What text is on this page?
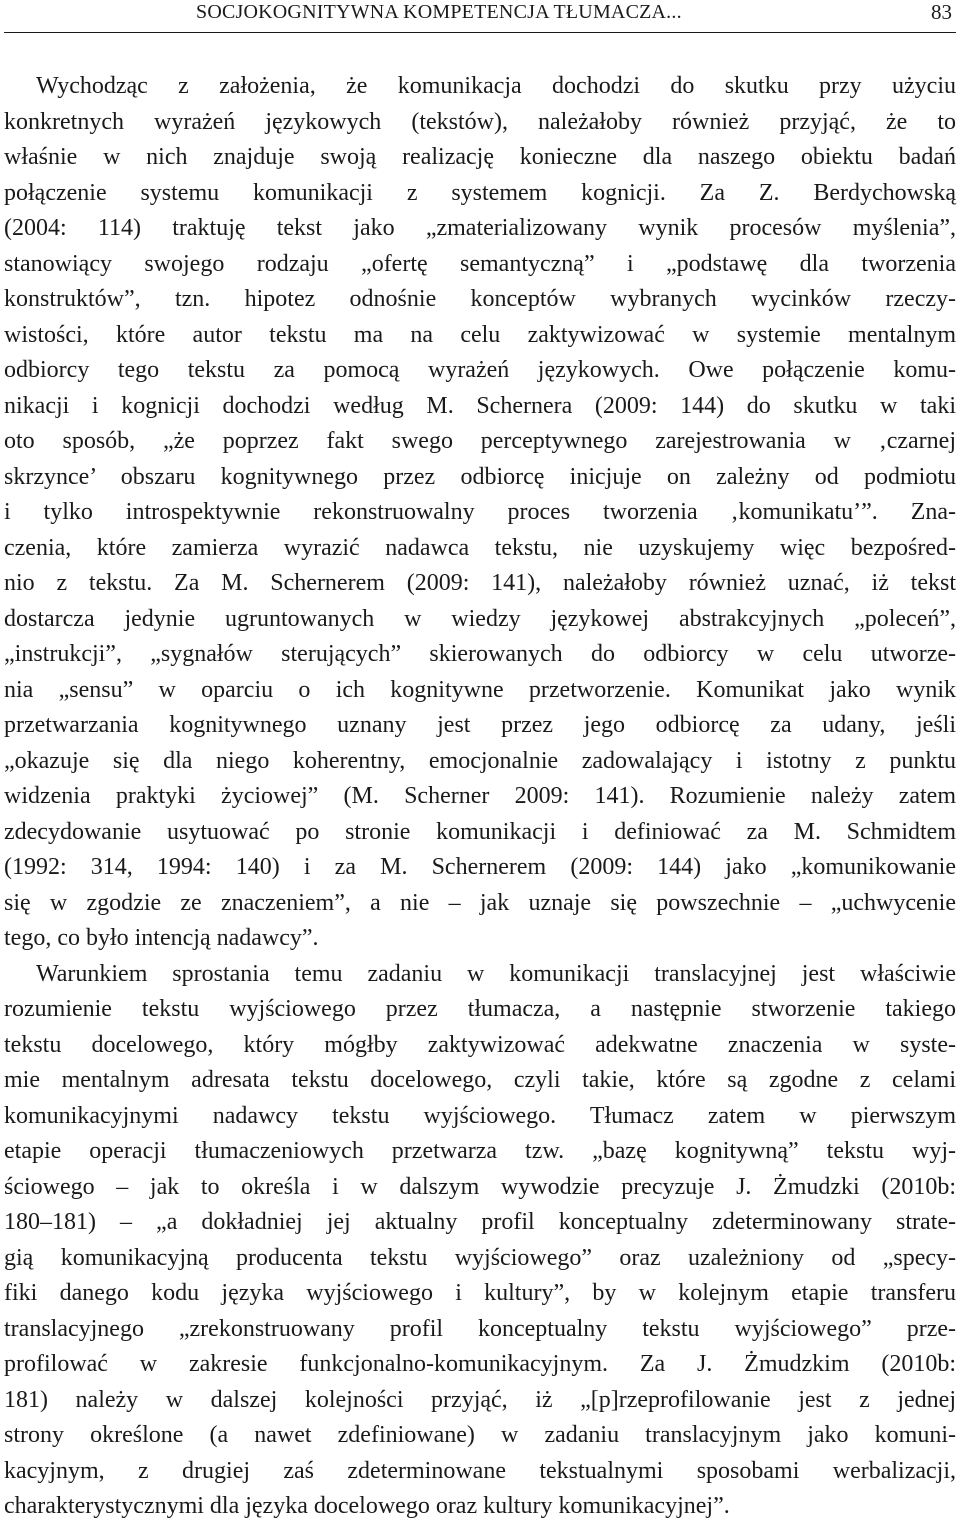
SOCJOKOGNITYWNA KOMPETENCJA TŁUMACZA...	83
Wychodząc z założenia, że komunikacja dochodzi do skutku przy użyciu
konkretnych wyrażeń językowych (tekstów), należałoby również przyjąć, że to
właśnie w nich znajduje swoją realizację konieczne dla naszego obiektu badań
połączenie systemu komunikacji z systemem kognicji. Za Z. Berdychowską
(2004: 114) traktuję tekst jako „zmaterializowany wynik procesów myślenia”,
stanowiący swojego rodzaju „ofertę semantyczną” i „podstawę dla tworzenia
konstruktów”, tzn. hipotez odnośnie konceptów wybranych wycinków rzeczy-
wistości, które autor tekstu ma na celu zaktywizować w systemie mentalnym
odbiorcy tego tekstu za pomocą wyrażeń językowych. Owe połączenie komu-
nikacji i kognicji dochodzi według M. Schernera (2009: 144) do skutku w taki
oto sposób, „że poprzez fakt swego perceptywnego zarejestrowania w ‚czarnej
skrzynce’ obszaru kognitywnego przez odbiorcę inicjuje on zależny od podmiotu
i tylko introspektywnie rekonstruowalny proces tworzenia ‚komunikatu’”. Zna-
czenia, które zamierza wyrazić nadawca tekstu, nie uzyskujemy więc bezpośred-
nio z tekstu. Za M. Schernerem (2009: 141), należałoby również uznać, iż tekst
dostarcza jedynie ugruntowanych w wiedzy językowej abstrakcyjnych „poleceń”,
„instrukcji”, „sygnałów sterujących” skierowanych do odbiorcy w celu utworze-
nia „sensu” w oparciu o ich kognitywne przetworzenie. Komunikat jako wynik
przetwarzania kognitywnego uznany jest przez jego odbiorcę za udany, jeśli
„okazuje się dla niego koherentny, emocjonalnie zadowalający i istotny z punktu
widzenia praktyki życiowej” (M. Scherner 2009: 141). Rozumienie należy zatem
zdecydowanie usytuować po stronie komunikacji i definiować za M. Schmidtem
(1992: 314, 1994: 140) i za M. Schernerem (2009: 144) jako „komunikowanie
się w zgodzie ze znaczeniem”, a nie – jak uznaje się powszechnie – „uchwycenie
tego, co było intencją nadawcy”.
Warunkiem sprostania temu zadaniu w komunikacji translacyjnej jest właściwie
rozumienie tekstu wyjściowego przez tłumacza, a następnie stworzenie takiego
tekstu docelowego, który mógłby zaktywizować adekwatne znaczenia w syste-
mie mentalnym adresata tekstu docelowego, czyli takie, które są zgodne z celami
komunikacyjnymi nadawcy tekstu wyjściowego. Tłumacz zatem w pierwszym
etapie operacji tłumaczeniowych przetwarza tzw. „bazę kognitywną” tekstu wyj-
ściowego – jak to określa i w dalszym wywodzie precyzuje J. Żmudzki (2010b:
180–181) – „a dokładniej jej aktualny profil konceptualny zdeterminowany strate-
gią komunikacyjną producenta tekstu wyjściowego” oraz uzależniony od „specy-
fiki danego kodu języka wyjściowego i kultury”, by w kolejnym etapie transferu
translacyjnego „zrekonstruowany profil konceptualny tekstu wyjściowego” prze-
profilować w zakresie funkcjonalno-komunikacyjnym. Za J. Żmudzkim (2010b:
181) należy w dalszej kolejności przyjąć, iż „[p]rzeprofilowanie jest z jednej
strony określone (a nawet zdefiniowane) w zadaniu translacyjnym jako komuni-
kacyjnym, z drugiej zaś zdeterminowane tekstualnymi sposobami werbalizacji,
charakterystycznymi dla języka docelowego oraz kultury komunikacyjnej”.
